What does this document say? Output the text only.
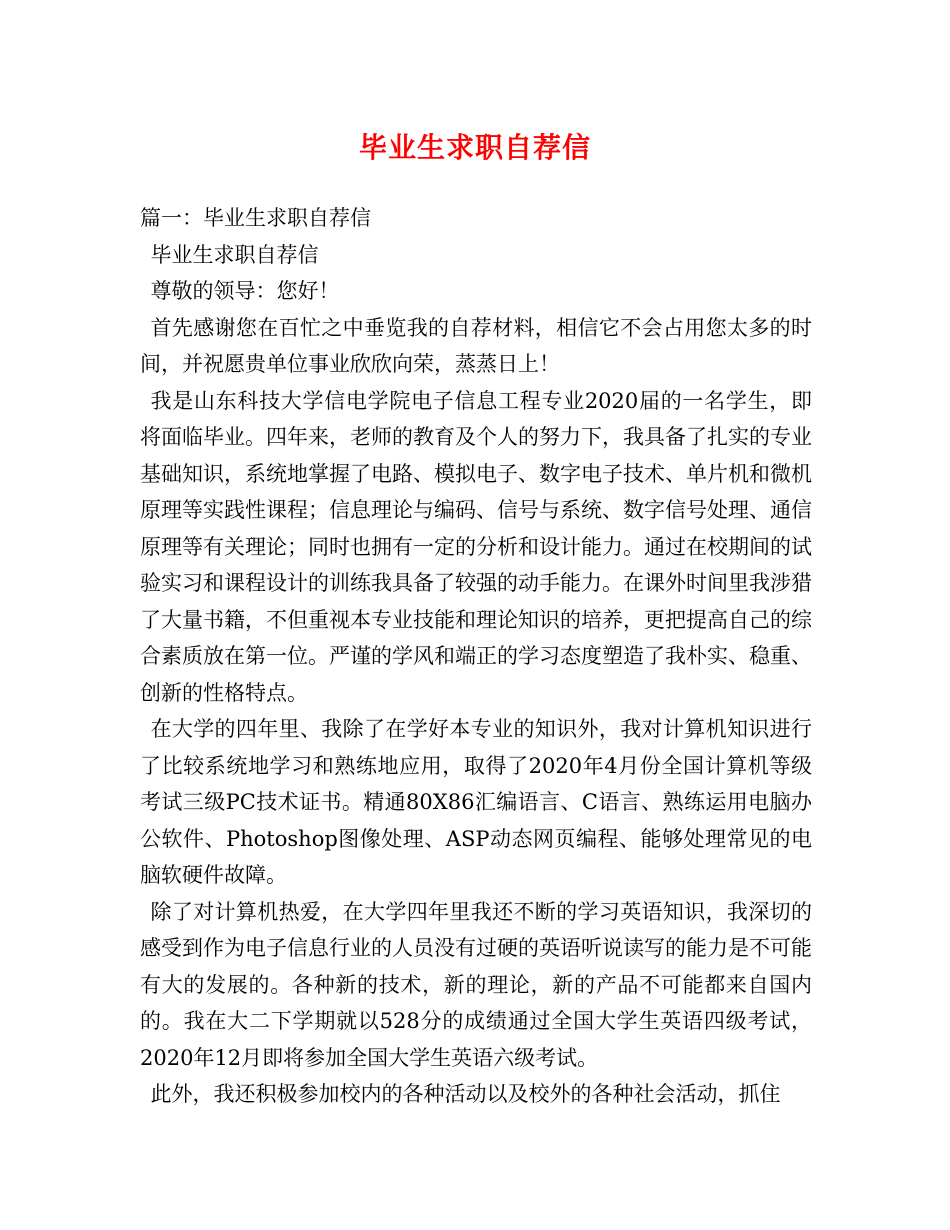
毕业生求职自荐信

篇一：毕业生求职自荐信

毕业生求职自荐信

尊敬的领导：您好！

首先感谢您在百忙之中垂览我的自荐材料，相信它不会占用您太多的时间，并祝愿贵单位事业欣欣向荣，蒸蒸日上！

我是山东科技大学信电学院电子信息工程专业2020届的一名学生，即将面临毕业。四年来，老师的教育及个人的努力下，我具备了扎实的专业基础知识，系统地掌握了电路、模拟电子、数字电子技术、单片机和微机原理等实践性课程；信息理论与编码、信号与系统、数字信号处理、通信原理等有关理论；同时也拥有一定的分析和设计能力。通过在校期间的试验实习和课程设计的训练我具备了较强的动手能力。在课外时间里我涉猎了大量书籍，不但重视本专业技能和理论知识的培养，更把提高自己的综合素质放在第一位。严谨的学风和端正的学习态度塑造了我朴实、稳重、创新的性格特点。

在大学的四年里、我除了在学好本专业的知识外，我对计算机知识进行了比较系统地学习和熟练地应用，取得了2020年4月份全国计算机等级考试三级PC技术证书。精通80X86汇编语言、C语言、熟练运用电脑办公软件、Photoshop图像处理、ASP动态网页编程、能够处理常见的电脑软硬件故障。

除了对计算机热爱，在大学四年里我还不断的学习英语知识，我深切的感受到作为电子信息行业的人员没有过硬的英语听说读写的能力是不可能有大的发展的。各种新的技术，新的理论，新的产品不可能都来自国内的。我在大二下学期就以528分的成绩通过全国大学生英语四级考试，2020年12月即将参加全国大学生英语六级考试。

此外，我还积极参加校内的各种活动以及校外的各种社会活动，抓住
